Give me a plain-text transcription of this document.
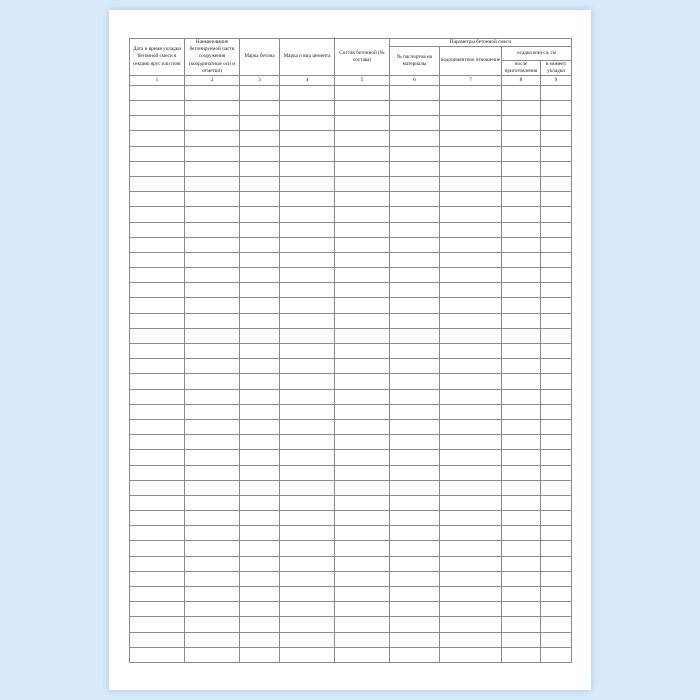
Дата и время укладки бетонной смеси в секцию ярус или пояс	Наименование бетонируемой части сооружения (координатные оси и отметки)	Марка бетона	Марка и вид цемента	Состав бетонной (№ состава)	Параметры бетонной смеси			
					№ паспортов на материалы	водоцементное отношение	осадка конуса, см	
							после приготовления	в момент укладки
1	2	3	4	5	6	7	8	9
